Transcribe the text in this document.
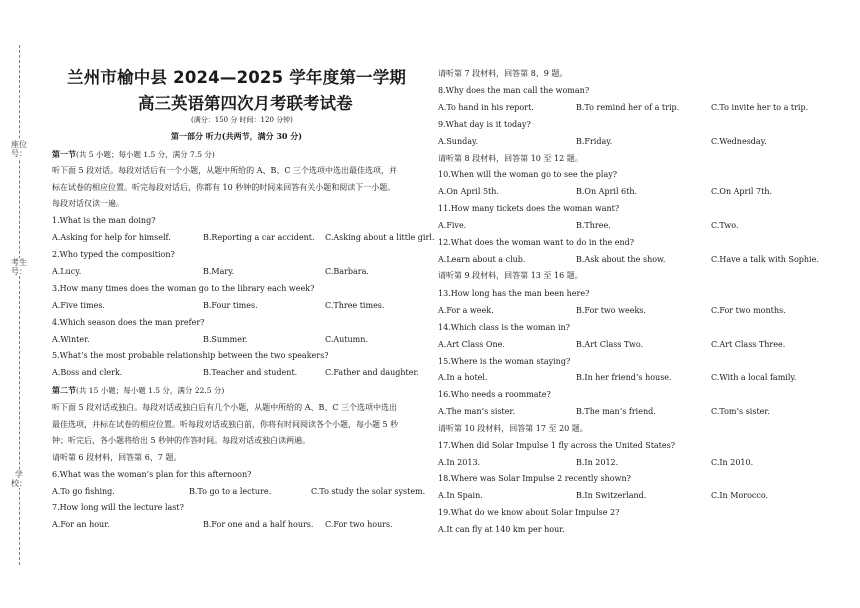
座位号：
考生号：
学校：
兰州市榆中县 2024—2025 学年度第一学期
高三英语第四次月考联考试卷
(满分：150 分 时间：120 分钟)
第一部分 听力(共两节，满分 30 分)
第一节(共 5 小题；每小题 1.5 分，满分 7.5 分)
听下面 5 段对话。每段对话后有一个小题，从题中所给的 A、B、C 三个选项中选出最佳选项，并
标在试卷的相应位置。听完每段对话后，你都有 10 秒钟的时间来回答有关小题和阅读下一小题。
每段对话仅读一遍。
1.What is the man doing?
A.Asking for help for himself.	B.Reporting a car accident. C.Asking about a little girl.
2.Who typed the composition?
A.Lucy.	B.Mary.	C.Barbara.
3.How many times does the woman go to the library each week?
A.Five times.	B.Four times.	C.Three times.
4.Which season does the man prefer?
A.Winter.	B.Summer.	C.Autumn.
5.What’s the most probable relationship between the two speakers?
A.Boss and clerk.	B.Teacher and student.	C.Father and daughter.
第二节(共 15 小题；每小题 1.5 分，满分 22.5 分)
听下面 5 段对话或独白。每段对话或独白后有几个小题，从题中所给的 A、B、C 三个选项中选出
最佳选项，并标在试卷的相应位置。听每段对话或独白前，你将有时间阅读各个小题，每小题 5 秒
钟；听完后，各小题将给出 5 秒钟的作答时间。每段对话或独白读两遍。
请听第 6 段材料，回答第 6、7 题。
6.What was the woman’s plan for this afternoon?
A.To go fishing.	B.To go to a lecture.	C.To study the solar system.
7.How long will the lecture last?
A.For an hour.	B.For one and a half hours. C.For two hours.
请听第 7 段材料，回答第 8、9 题。
8.Why does the man call the woman?
A.To hand in his report.	B.To remind her of a trip.	C.To invite her to a trip.
9.What day is it today?
A.Sunday.	B.Friday.	C.Wednesday.
请听第 8 段材料，回答第 10 至 12 题。
10.When will the woman go to see the play?
A.On April 5th.	B.On April 6th.	C.On April 7th.
11.How many tickets does the woman want?
A.Five.	B.Three.	C.Two.
12.What does the woman want to do in the end?
A.Learn about a club.	B.Ask about the show.	C.Have a talk with Sophie.
请听第 9 段材料，回答第 13 至 16 题。
13.How long has the man been here?
A.For a week.	B.For two weeks.	C.For two months.
14.Which class is the woman in?
A.Art Class One.	B.Art Class Two.	C.Art Class Three.
15.Where is the woman staying?
A.In a hotel.	B.In her friend’s house.	C.With a local family.
16.Who needs a roommate?
A.The man’s sister.	B.The man’s friend.	C.Tom’s sister.
请听第 10 段材料，回答第 17 至 20 题。
17.When did Solar Impulse 1 fly across the United States?
A.In 2013.	B.In 2012.	C.In 2010.
18.Where was Solar Impulse 2 recently shown?
A.In Spain.	B.In Switzerland.	C.In Morocco.
19.What do we know about Solar Impulse 2?
A.It can fly at 140 km per hour.
